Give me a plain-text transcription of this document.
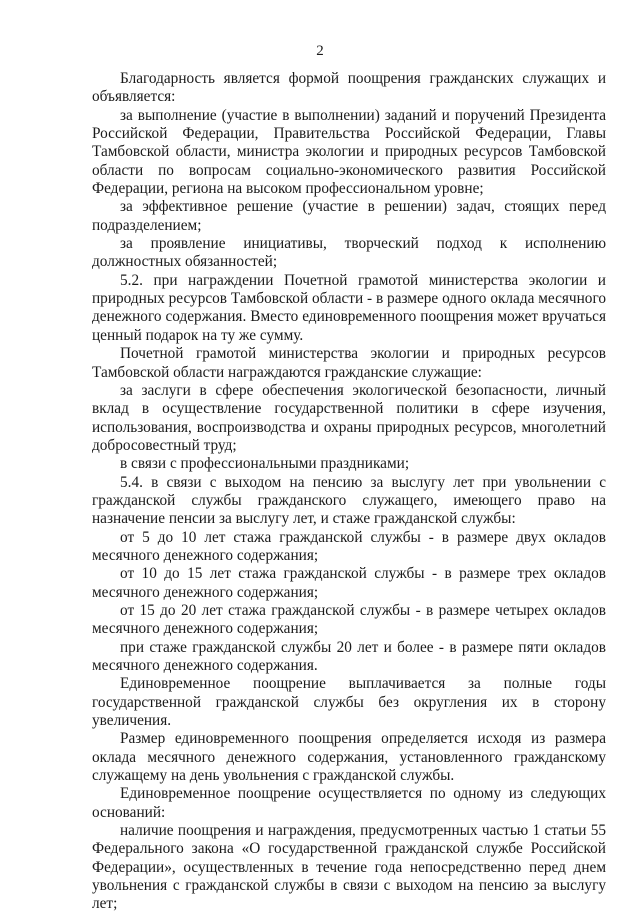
2

Благодарность является формой поощрения гражданских служащих и объявляется:

за выполнение (участие в выполнении) заданий и поручений Президента Российской Федерации, Правительства Российской Федерации, Главы Тамбовской области, министра экологии и природных ресурсов Тамбовской области по вопросам социально-экономического развития Российской Федерации, региона на высоком профессиональном уровне;

за эффективное решение (участие в решении) задач, стоящих перед подразделением;

за проявление инициативы, творческий подход к исполнению должностных обязанностей;

5.2. при награждении Почетной грамотой министерства экологии и природных ресурсов Тамбовской области - в размере одного оклада месячного денежного содержания. Вместо единовременного поощрения может вручаться ценный подарок на ту же сумму.

Почетной грамотой министерства экологии и природных ресурсов Тамбовской области награждаются гражданские служащие:

за заслуги в сфере обеспечения экологической безопасности, личный вклад в осуществление государственной политики в сфере изучения, использования, воспроизводства и охраны природных ресурсов, многолетний добросовестный труд;

в связи с профессиональными праздниками;

5.4. в связи с выходом на пенсию за выслугу лет при увольнении с гражданской службы гражданского служащего, имеющего право на назначение пенсии за выслугу лет, и стаже гражданской службы:

от 5 до 10 лет стажа гражданской службы - в размере двух окладов месячного денежного содержания;

от 10 до 15 лет стажа гражданской службы - в размере трех окладов месячного денежного содержания;

от 15 до 20 лет стажа гражданской службы - в размере четырех окладов месячного денежного содержания;

при стаже гражданской службы 20 лет и более - в размере пяти окладов месячного денежного содержания.

Единовременное поощрение выплачивается за полные годы государственной гражданской службы без округления их в сторону увеличения.

Размер единовременного поощрения определяется исходя из размера оклада месячного денежного содержания, установленного гражданскому служащему на день увольнения с гражданской службы.

Единовременное поощрение осуществляется по одному из следующих оснований:

наличие поощрения и награждения, предусмотренных частью 1 статьи 55 Федерального закона «О государственной гражданской службе Российской Федерации», осуществленных в течение года непосредственно перед днем увольнения с гражданской службы в связи с выходом на пенсию за выслугу лет;
